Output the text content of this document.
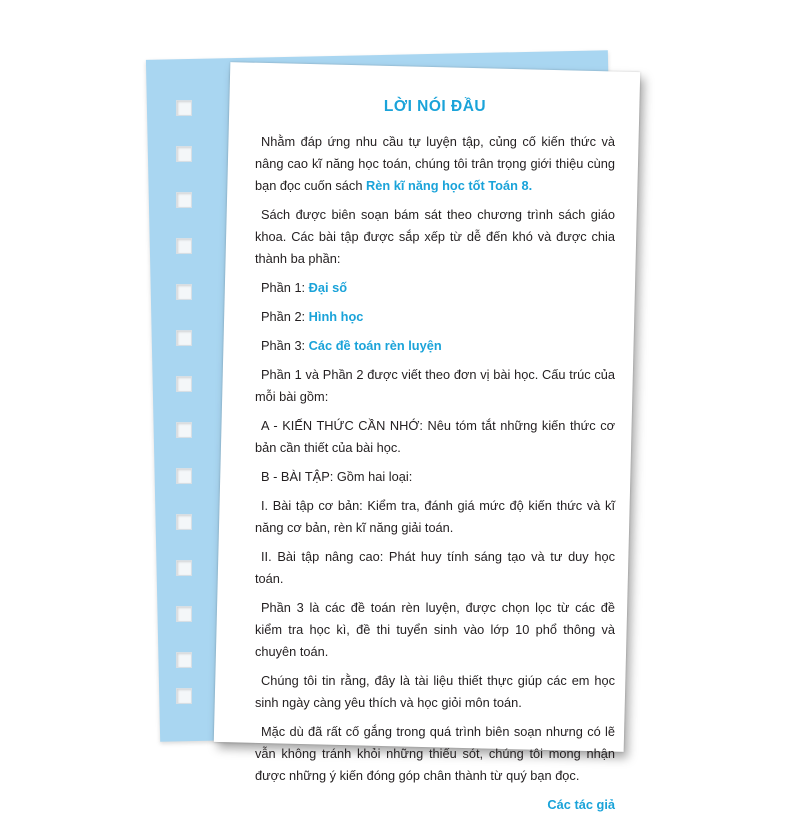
LỜI NÓI ĐẦU

Nhằm đáp ứng nhu cầu tự luyện tập, củng cố kiến thức và nâng cao kĩ năng học toán, chúng tôi trân trọng giới thiệu cùng bạn đọc cuốn sách Rèn kĩ năng học tốt Toán 8.

Sách được biên soạn bám sát theo chương trình sách giáo khoa. Các bài tập được sắp xếp từ dễ đến khó và được chia thành ba phần:

Phần 1: Đại số

Phần 2: Hình học

Phần 3: Các đề toán rèn luyện

Phần 1 và Phần 2 được viết theo đơn vị bài học. Cấu trúc của mỗi bài gồm:

A - KIẾN THỨC CẦN NHỚ: Nêu tóm tắt những kiến thức cơ bản cần thiết của bài học.

B - BÀI TẬP: Gồm hai loại:

I. Bài tập cơ bản: Kiểm tra, đánh giá mức độ kiến thức và kĩ năng cơ bản, rèn kĩ năng giải toán.

II. Bài tập nâng cao: Phát huy tính sáng tạo và tư duy học toán.

Phần 3 là các đề toán rèn luyện, được chọn lọc từ các đề kiểm tra học kì, đề thi tuyển sinh vào lớp 10 phổ thông và chuyên toán.

Chúng tôi tin rằng, đây là tài liệu thiết thực giúp các em học sinh ngày càng yêu thích và học giỏi môn toán.

Mặc dù đã rất cố gắng trong quá trình biên soạn nhưng có lẽ vẫn không tránh khỏi những thiếu sót, chúng tôi mong nhận được những ý kiến đóng góp chân thành từ quý bạn đọc.

Các tác giả
